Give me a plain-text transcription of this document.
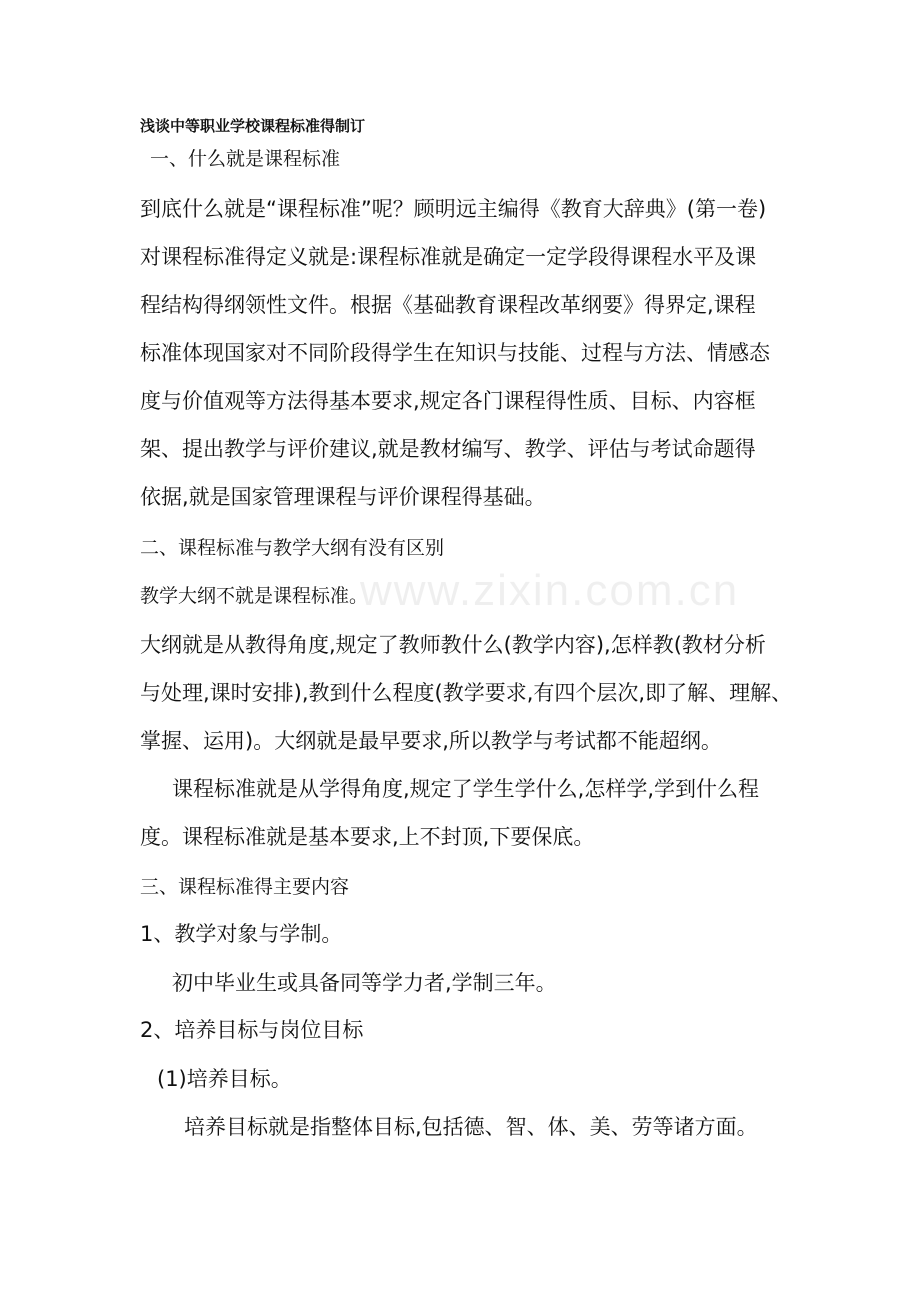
www.zixin.com.cn

浅谈中等职业学校课程标准得制订

一、什么就是课程标准

到底什么就是“课程标准”呢？顾明远主编得《教育大辞典》(第一卷)

对课程标准得定义就是:课程标准就是确定一定学段得课程水平及课

程结构得纲领性文件。根据《基础教育课程改革纲要》得界定,课程

标准体现国家对不同阶段得学生在知识与技能、过程与方法、情感态

度与价值观等方法得基本要求,规定各门课程得性质、目标、内容框

架、提出教学与评价建议,就是教材编写、教学、评估与考试命题得

依据,就是国家管理课程与评价课程得基础。

二、课程标准与教学大纲有没有区别

教学大纲不就是课程标准。

大纲就是从教得角度,规定了教师教什么(教学内容),怎样教(教材分析

与处理,课时安排),教到什么程度(教学要求,有四个层次,即了解、理解、

掌握、运用)。大纲就是最早要求,所以教学与考试都不能超纲。

课程标准就是从学得角度,规定了学生学什么,怎样学,学到什么程

度。课程标准就是基本要求,上不封顶,下要保底。

三、课程标准得主要内容

1、教学对象与学制。

初中毕业生或具备同等学力者,学制三年。

2、培养目标与岗位目标

(1)培养目标。

培养目标就是指整体目标,包括德、智、体、美、劳等诸方面。
